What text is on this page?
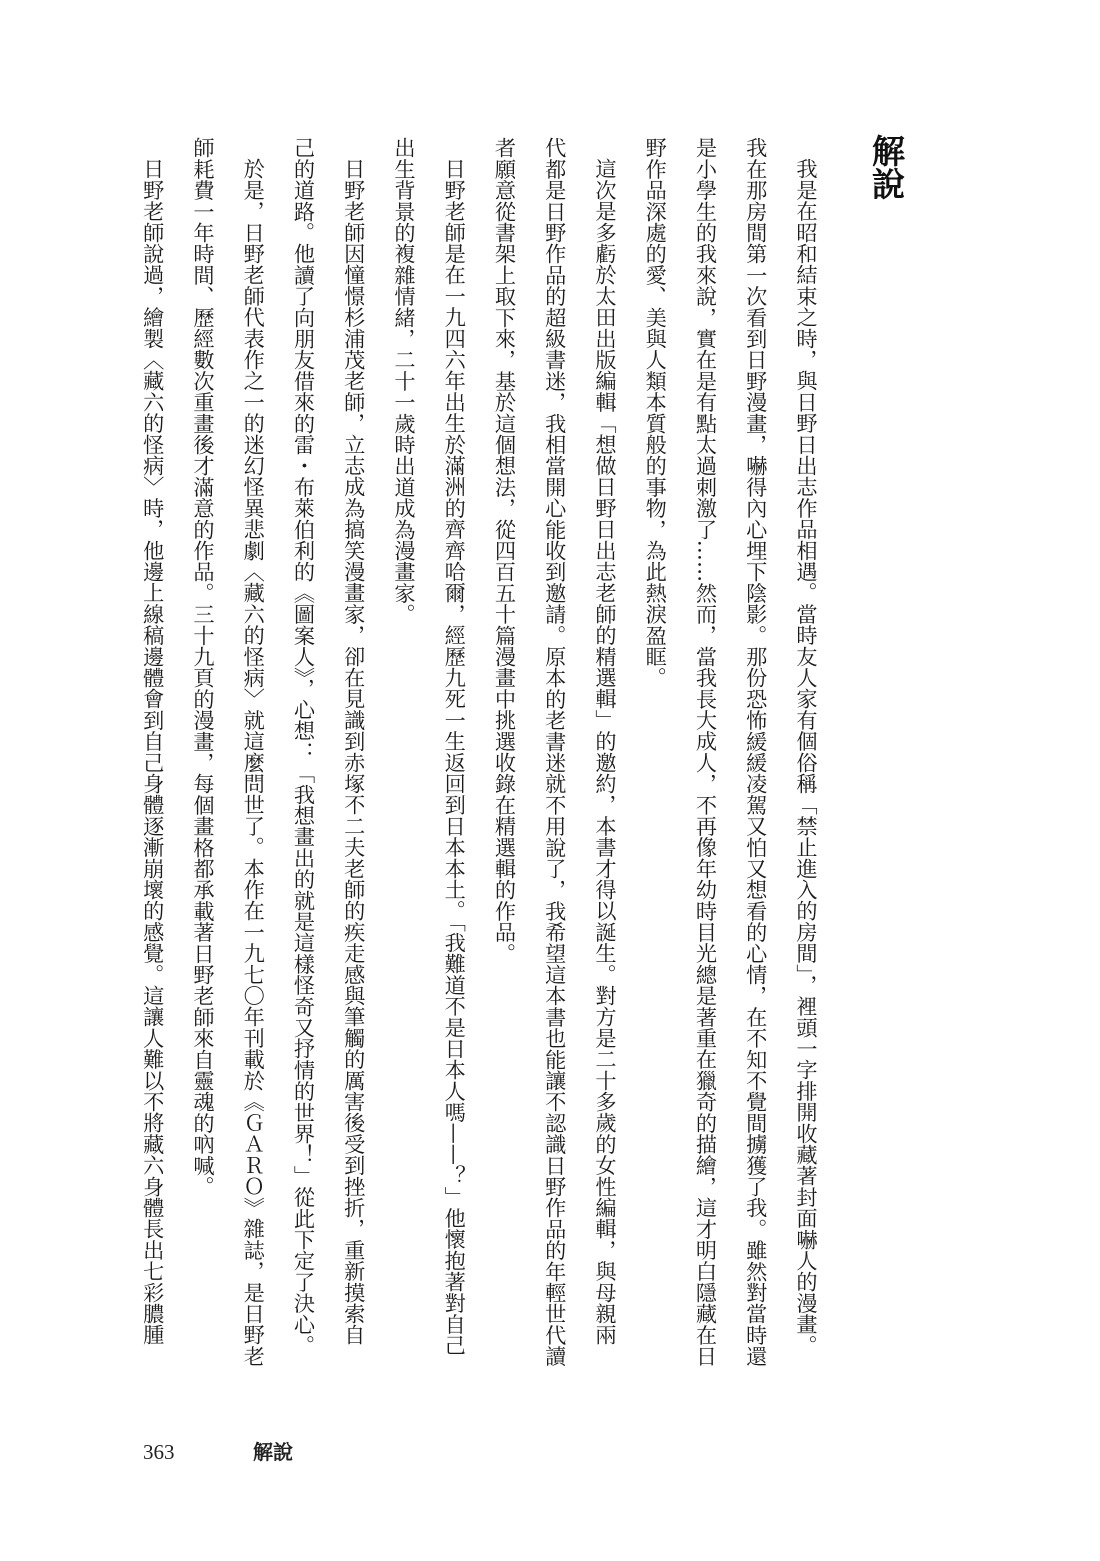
解說
我是在昭和結束之時，與日野日出志作品相遇。當時友人家有個俗稱「禁止進入的房間」，裡頭一字排開收藏著封面嚇人的漫畫。
我在那房間第一次看到日野漫畫，嚇得內心埋下陰影。那份恐怖緩緩凌駕又怕又想看的心情，在不知不覺間擄獲了我。雖然對當時還
是小學生的我來說，實在是有點太過刺激了……然而，當我長大成人，不再像年幼時目光總是著重在獵奇的描繪，這才明白隱藏在日
野作品深處的愛、美與人類本質般的事物，為此熱淚盈眶。
這次是多虧於太田出版編輯「想做日野日出志老師的精選輯」的邀約，本書才得以誕生。對方是二十多歲的女性編輯，與母親兩
代都是日野作品的超級書迷，我相當開心能收到邀請。原本的老書迷就不用說了，我希望這本書也能讓不認識日野作品的年輕世代讀
者願意從書架上取下來，基於這個想法，從四百五十篇漫畫中挑選收錄在精選輯的作品。
日野老師是在一九四六年出生於滿洲的齊齊哈爾，經歷九死一生返回到日本本土。「我難道不是日本人嗎——？」他懷抱著對自己
出生背景的複雜情緒，二十一歲時出道成為漫畫家。
日野老師因憧憬杉浦茂老師，立志成為搞笑漫畫家，卻在見識到赤塚不二夫老師的疾走感與筆觸的厲害後受到挫折，重新摸索自
己的道路。他讀了向朋友借來的雷・布萊伯利的《圖案人》，心想：「我想畫出的就是這樣怪奇又抒情的世界！」從此下定了決心。
於是，日野老師代表作之一的迷幻怪異悲劇〈藏六的怪病〉就這麼問世了。本作在一九七〇年刊載於《ＧＡＲＯ》雜誌，是日野老
師耗費一年時間、歷經數次重畫後才滿意的作品。三十九頁的漫畫，每個畫格都承載著日野老師來自靈魂的吶喊。
日野老師說過，繪製〈藏六的怪病〉時，他邊上線稿邊體會到自己身體逐漸崩壞的感覺。這讓人難以不將藏六身體長出七彩膿腫
363	解說
